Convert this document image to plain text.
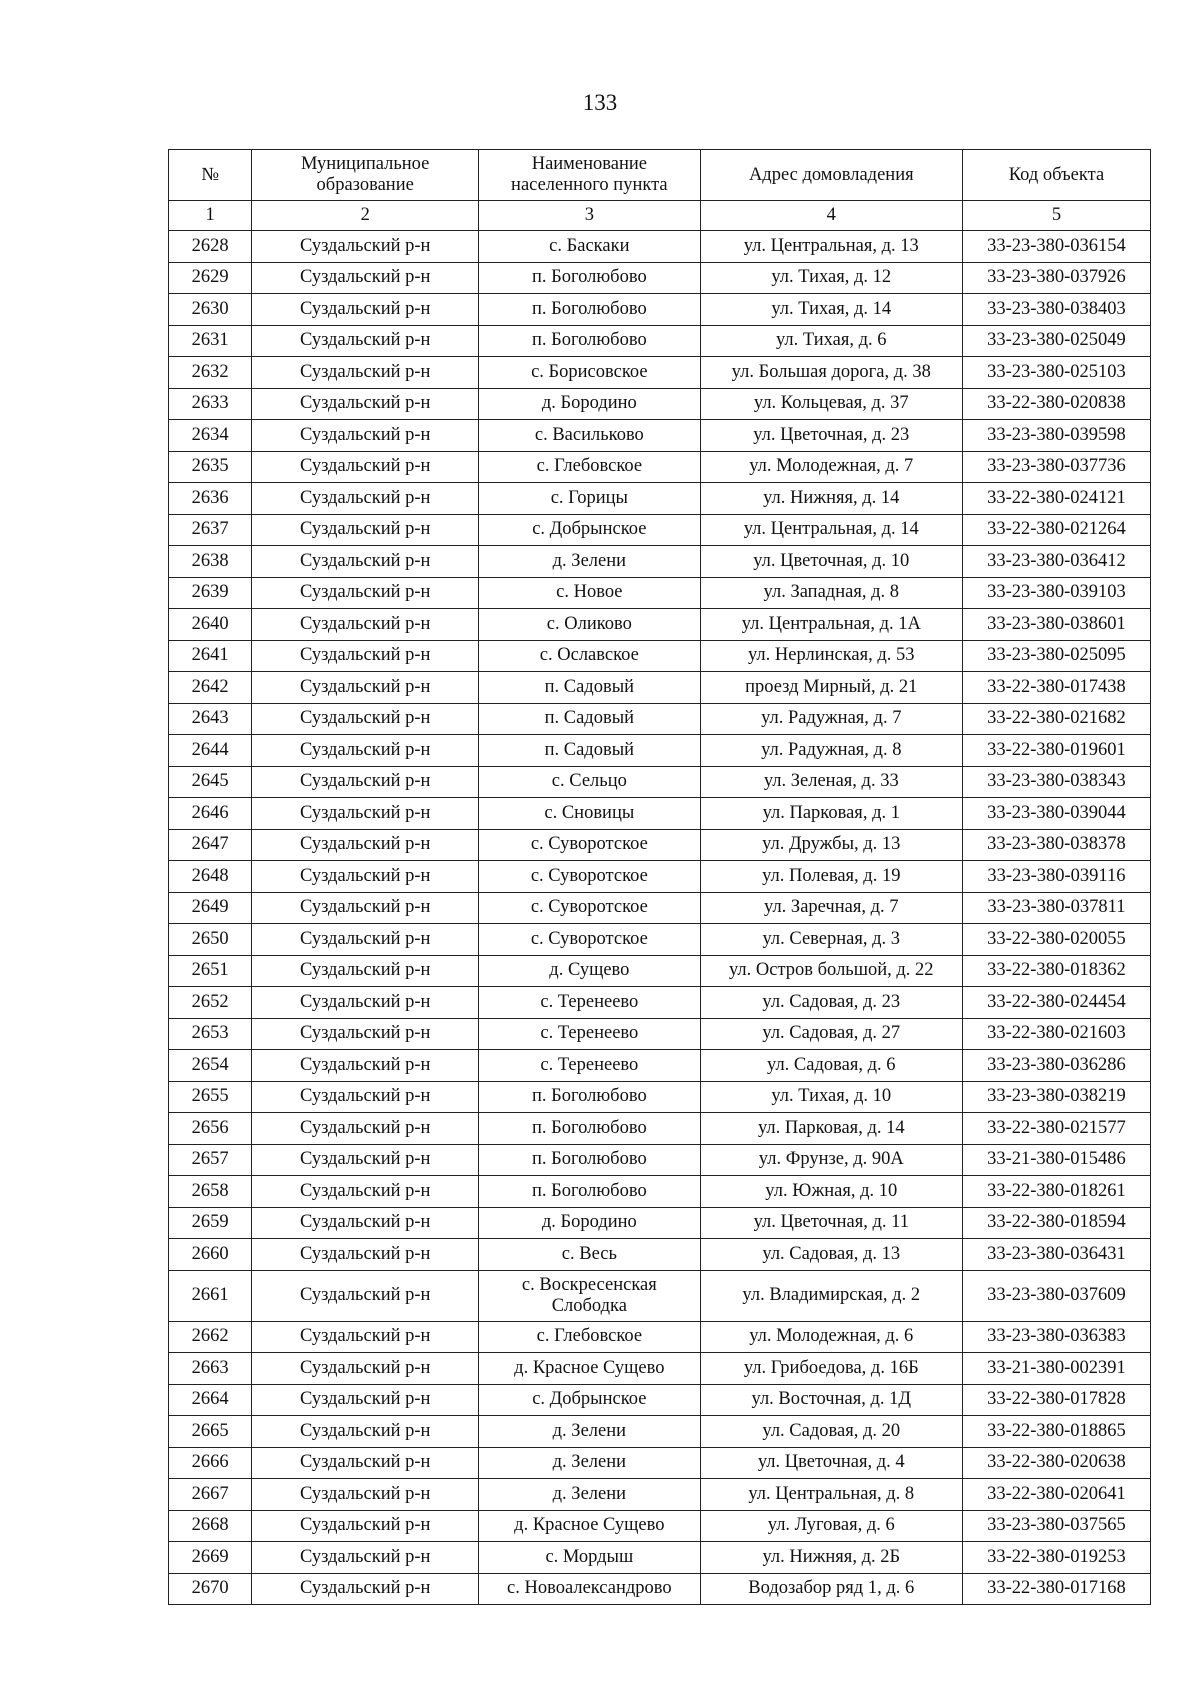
133
№	Муниципальное образование	Наименование населенного пункта	Адрес домовладения	Код объекта
1	2	3	4	5
2628	Суздальский р-н	с. Баскаки	ул. Центральная, д. 13	33-23-380-036154
2629	Суздальский р-н	п. Боголюбово	ул. Тихая, д. 12	33-23-380-037926
2630	Суздальский р-н	п. Боголюбово	ул. Тихая, д. 14	33-23-380-038403
2631	Суздальский р-н	п. Боголюбово	ул. Тихая, д. 6	33-23-380-025049
2632	Суздальский р-н	с. Борисовское	ул. Большая дорога, д. 38	33-23-380-025103
2633	Суздальский р-н	д. Бородино	ул. Кольцевая, д. 37	33-22-380-020838
2634	Суздальский р-н	с. Васильково	ул. Цветочная, д. 23	33-23-380-039598
2635	Суздальский р-н	с. Глебовское	ул. Молодежная, д. 7	33-23-380-037736
2636	Суздальский р-н	с. Горицы	ул. Нижняя, д. 14	33-22-380-024121
2637	Суздальский р-н	с. Добрынское	ул. Центральная, д. 14	33-22-380-021264
2638	Суздальский р-н	д. Зелени	ул. Цветочная, д. 10	33-23-380-036412
2639	Суздальский р-н	с. Новое	ул. Западная, д. 8	33-23-380-039103
2640	Суздальский р-н	с. Оликово	ул. Центральная, д. 1А	33-23-380-038601
2641	Суздальский р-н	с. Ославское	ул. Нерлинская, д. 53	33-23-380-025095
2642	Суздальский р-н	п. Садовый	проезд Мирный, д. 21	33-22-380-017438
2643	Суздальский р-н	п. Садовый	ул. Радужная, д. 7	33-22-380-021682
2644	Суздальский р-н	п. Садовый	ул. Радужная, д. 8	33-22-380-019601
2645	Суздальский р-н	с. Сельцо	ул. Зеленая, д. 33	33-23-380-038343
2646	Суздальский р-н	с. Сновицы	ул. Парковая, д. 1	33-23-380-039044
2647	Суздальский р-н	с. Суворотское	ул. Дружбы, д. 13	33-23-380-038378
2648	Суздальский р-н	с. Суворотское	ул. Полевая, д. 19	33-23-380-039116
2649	Суздальский р-н	с. Суворотское	ул. Заречная, д. 7	33-23-380-037811
2650	Суздальский р-н	с. Суворотское	ул. Северная, д. 3	33-22-380-020055
2651	Суздальский р-н	д. Сущево	ул. Остров большой, д. 22	33-22-380-018362
2652	Суздальский р-н	с. Теренеево	ул. Садовая, д. 23	33-22-380-024454
2653	Суздальский р-н	с. Теренеево	ул. Садовая, д. 27	33-22-380-021603
2654	Суздальский р-н	с. Теренеево	ул. Садовая, д. 6	33-23-380-036286
2655	Суздальский р-н	п. Боголюбово	ул. Тихая, д. 10	33-23-380-038219
2656	Суздальский р-н	п. Боголюбово	ул. Парковая, д. 14	33-22-380-021577
2657	Суздальский р-н	п. Боголюбово	ул. Фрунзе, д. 90А	33-21-380-015486
2658	Суздальский р-н	п. Боголюбово	ул. Южная, д. 10	33-22-380-018261
2659	Суздальский р-н	д. Бородино	ул. Цветочная, д. 11	33-22-380-018594
2660	Суздальский р-н	с. Весь	ул. Садовая, д. 13	33-23-380-036431
2661	Суздальский р-н	с. Воскресенская Слободка	ул. Владимирская, д. 2	33-23-380-037609
2662	Суздальский р-н	с. Глебовское	ул. Молодежная, д. 6	33-23-380-036383
2663	Суздальский р-н	д. Красное Сущево	ул. Грибоедова, д. 16Б	33-21-380-002391
2664	Суздальский р-н	с. Добрынское	ул. Восточная, д. 1Д	33-22-380-017828
2665	Суздальский р-н	д. Зелени	ул. Садовая, д. 20	33-22-380-018865
2666	Суздальский р-н	д. Зелени	ул. Цветочная, д. 4	33-22-380-020638
2667	Суздальский р-н	д. Зелени	ул. Центральная, д. 8	33-22-380-020641
2668	Суздальский р-н	д. Красное Сущево	ул. Луговая, д. 6	33-23-380-037565
2669	Суздальский р-н	с. Мордыш	ул. Нижняя, д. 2Б	33-22-380-019253
2670	Суздальский р-н	с. Новоалександрово	Водозабор ряд 1, д. 6	33-22-380-017168
